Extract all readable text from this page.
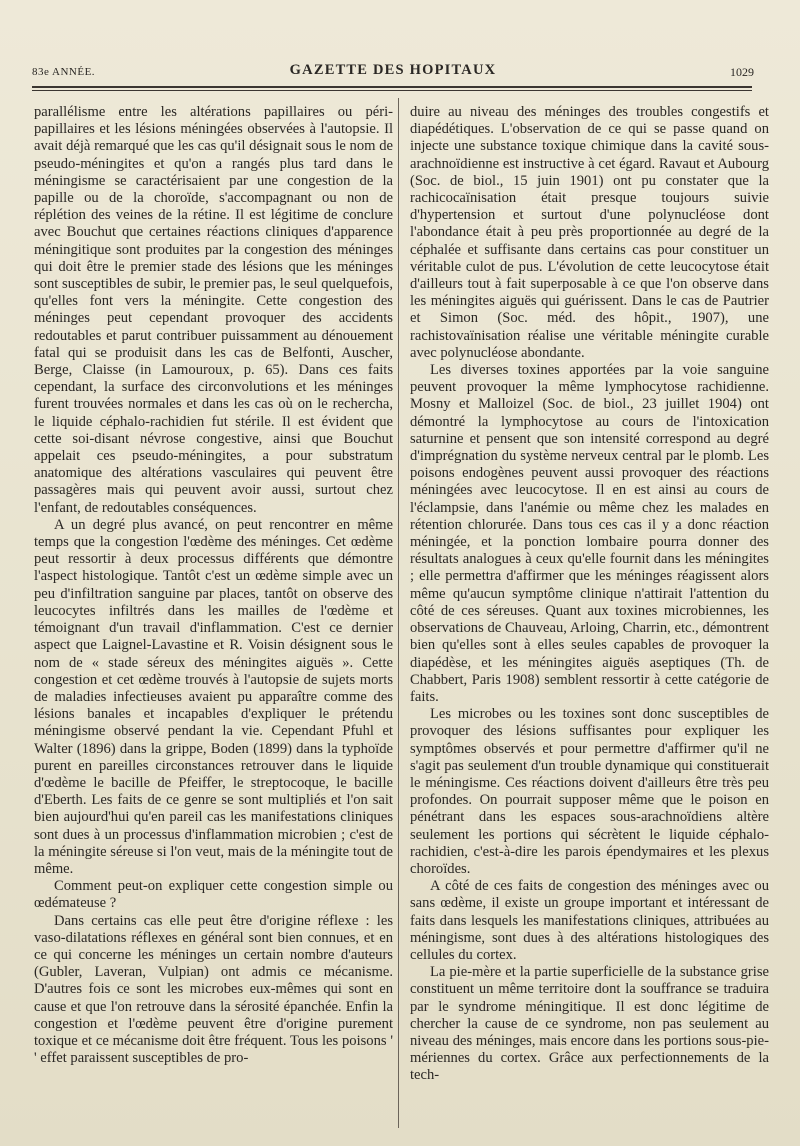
83e ANNÉE.	GAZETTE DES HOPITAUX	1029

parallélisme entre les altérations papillaires ou péri-papillaires et les lésions méningées observées à l'autopsie. Il avait déjà remarqué que les cas qu'il désignait sous le nom de pseudo-méningites et qu'on a rangés plus tard dans le méningisme se caractérisaient par une congestion de la papille ou de la choroïde, s'accompagnant ou non de réplétion des veines de la rétine. Il est légitime de conclure avec Bouchut que certaines réactions cliniques d'apparence méningitique sont produites par la congestion des méninges qui doit être le premier stade des lésions que les méninges sont susceptibles de subir, le premier pas, le seul quelquefois, qu'elles font vers la méningite. Cette congestion des méninges peut cependant provoquer des accidents redoutables et parut contribuer puissamment au dénouement fatal qui se produisit dans les cas de Belfonti, Auscher, Berge, Claisse (in Lamouroux, p. 65). Dans ces faits cependant, la surface des circonvolutions et les méninges furent trouvées normales et dans les cas où on le rechercha, le liquide céphalo-rachidien fut stérile. Il est évident que cette soi-disant névrose congestive, ainsi que Bouchut appelait ces pseudo-méningites, a pour substratum anatomique des altérations vasculaires qui peuvent être passagères mais qui peuvent avoir aussi, surtout chez l'enfant, de redoutables conséquences.

A un degré plus avancé, on peut rencontrer en même temps que la congestion l'œdème des méninges. Cet œdème peut ressortir à deux processus différents que démontre l'aspect histologique. Tantôt c'est un œdème simple avec un peu d'infiltration sanguine par places, tantôt on observe des leucocytes infiltrés dans les mailles de l'œdème et témoignant d'un travail d'inflammation. C'est ce dernier aspect que Laignel-Lavastine et R. Voisin désignent sous le nom de « stade séreux des méningites aiguës ». Cette congestion et cet œdème trouvés à l'autopsie de sujets morts de maladies infectieuses avaient pu apparaître comme des lésions banales et incapables d'expliquer le prétendu méningisme observé pendant la vie. Cependant Pfuhl et Walter (1896) dans la grippe, Boden (1899) dans la typhoïde purent en pareilles circonstances retrouver dans le liquide d'œdème le bacille de Pfeiffer, le streptocoque, le bacille d'Eberth. Les faits de ce genre se sont multipliés et l'on sait bien aujourd'hui qu'en pareil cas les manifestations cliniques sont dues à un processus d'inflammation microbien ; c'est de la méningite séreuse si l'on veut, mais de la méningite tout de même.

Comment peut-on expliquer cette congestion simple ou œdémateuse ?

Dans certains cas elle peut être d'origine réflexe : les vaso-dilatations réflexes en général sont bien connues, et en ce qui concerne les méninges un certain nombre d'auteurs (Gubler, Laveran, Vulpian) ont admis ce mécanisme. D'autres fois ce sont les microbes eux-mêmes qui sont en cause et que l'on retrouve dans la sérosité épanchée. Enfin la congestion et l'œdème peuvent être d'origine purement toxique et ce mécanisme doit être fréquent. Tous les poisons ' ' effet paraissent susceptibles de pro-

duire au niveau des méninges des troubles congestifs et diapédétiques. L'observation de ce qui se passe quand on injecte une substance toxique chimique dans la cavité sous-arachnoïdienne est instructive à cet égard. Ravaut et Aubourg (Soc. de biol., 15 juin 1901) ont pu constater que la rachicocaïnisation était presque toujours suivie d'hypertension et surtout d'une polynucléose dont l'abondance était à peu près proportionnée au degré de la céphalée et suffisante dans certains cas pour constituer un véritable culot de pus. L'évolution de cette leucocytose était d'ailleurs tout à fait superposable à ce que l'on observe dans les méningites aiguës qui guérissent. Dans le cas de Pautrier et Simon (Soc. méd. des hôpit., 1907), une rachistovaïnisation réalise une véritable méningite curable avec polynucléose abondante.

Les diverses toxines apportées par la voie sanguine peuvent provoquer la même lymphocytose rachidienne. Mosny et Malloizel (Soc. de biol., 23 juillet 1904) ont démontré la lymphocytose au cours de l'intoxication saturnine et pensent que son intensité correspond au degré d'imprégnation du système nerveux central par le plomb. Les poisons endogènes peuvent aussi provoquer des réactions méningées avec leucocytose. Il en est ainsi au cours de l'éclampsie, dans l'anémie ou même chez les malades en rétention chlorurée. Dans tous ces cas il y a donc réaction méningée, et la ponction lombaire pourra donner des résultats analogues à ceux qu'elle fournit dans les méningites ; elle permettra d'affirmer que les méninges réagissent alors même qu'aucun symptôme clinique n'attirait l'attention du côté de ces séreuses. Quant aux toxines microbiennes, les observations de Chauveau, Arloing, Charrin, etc., démontrent bien qu'elles sont à elles seules capables de provoquer la diapédèse, et les méningites aiguës aseptiques (Th. de Chabbert, Paris 1908) semblent ressortir à cette catégorie de faits.

Les microbes ou les toxines sont donc susceptibles de provoquer des lésions suffisantes pour expliquer les symptômes observés et pour permettre d'affirmer qu'il ne s'agit pas seulement d'un trouble dynamique qui constituerait le méningisme. Ces réactions doivent d'ailleurs être très peu profondes. On pourrait supposer même que le poison en pénétrant dans les espaces sous-arachnoïdiens altère seulement les portions qui sécrètent le liquide céphalo-rachidien, c'est-à-dire les parois épendymaires et les plexus choroïdes.

A côté de ces faits de congestion des méninges avec ou sans œdème, il existe un groupe important et intéressant de faits dans lesquels les manifestations cliniques, attribuées au méningisme, sont dues à des altérations histologiques des cellules du cortex.

La pie-mère et la partie superficielle de la substance grise constituent un même territoire dont la souffrance se traduira par le syndrome méningitique. Il est donc légitime de chercher la cause de ce syndrome, non pas seulement au niveau des méninges, mais encore dans les portions sous-pie-mériennes du cortex. Grâce aux perfectionnements de la tech-
